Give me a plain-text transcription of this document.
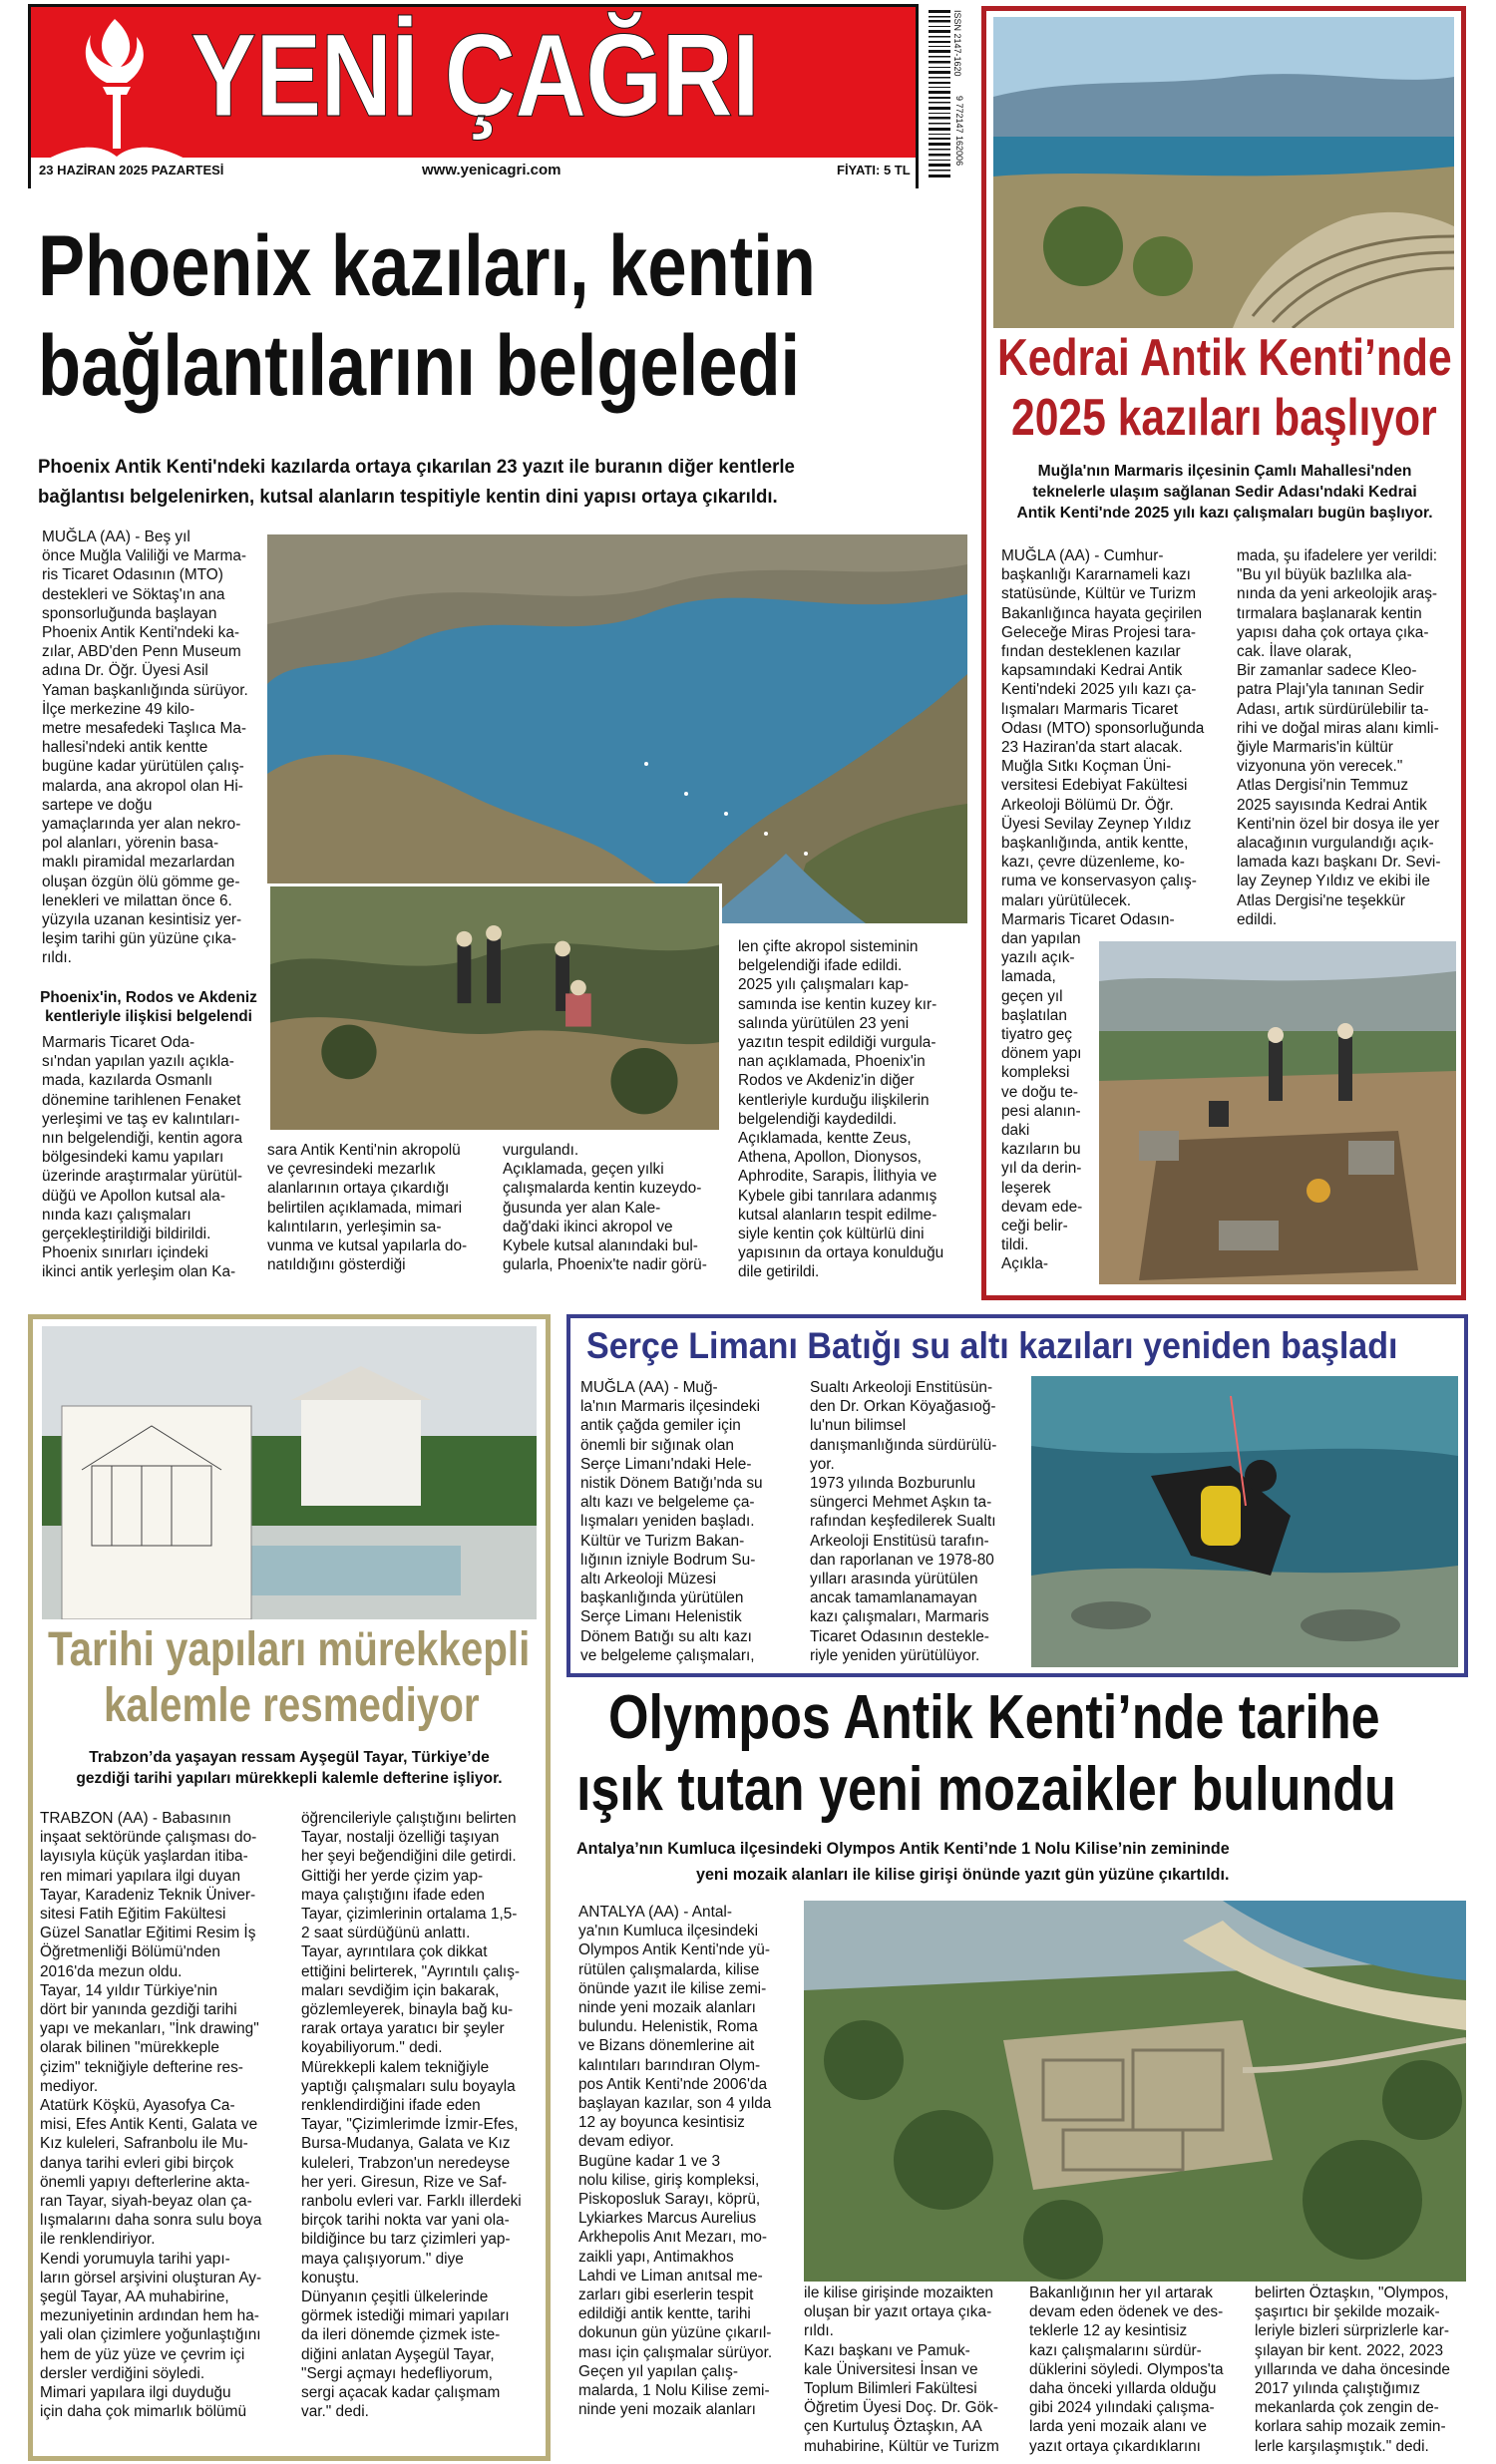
YENİ ÇAĞRI
23 HAZİRAN 2025 PAZARTESİ	www.yenicagri.com	FİYATI: 5 TL
ISSN 2147-1620
9 772147 162006
Phoenix kazıları, kentin
bağlantılarını belgeledi
Phoenix Antik Kenti'ndeki kazılarda ortaya çıkarılan 23 yazıt ile buranın diğer kentlerle
bağlantısı belgelenirken, kutsal alanların tespitiyle kentin dini yapısı ortaya çıkarıldı.
MUĞLA (AA) - Beş yıl
önce Muğla Valiliği ve Marma-
ris Ticaret Odasının (MTO)
destekleri ve Söktaş'ın ana
sponsorluğunda başlayan
Phoenix Antik Kenti'ndeki ka-
zılar, ABD'den Penn Museum
adına Dr. Öğr. Üyesi Asil
Yaman başkanlığında sürüyor.
İlçe merkezine 49 kilo-
metre mesafedeki Taşlıca Ma-
hallesi'ndeki antik kentte
bugüne kadar yürütülen çalış-
malarda, ana akropol olan Hi-
sartepe ve doğu
yamaçlarında yer alan nekro-
pol alanları, yörenin basa-
maklı piramidal mezarlardan
oluşan özgün ölü gömme ge-
lenekleri ve milattan önce 6.
yüzyıla uzanan kesintisiz yer-
leşim tarihi gün yüzüne çıka-
rıldı.
Phoenix'in, Rodos ve Akdeniz
kentleriyle ilişkisi belgelendi
Marmaris Ticaret Oda-
sı'ndan yapılan yazılı açıkla-
mada, kazılarda Osmanlı
dönemine tarihlenen Fenaket
yerleşimi ve taş ev kalıntıları-
nın belgelendiği, kentin agora
bölgesindeki kamu yapıları
üzerinde araştırmalar yürütül-
düğü ve Apollon kutsal ala-
nında kazı çalışmaları
gerçekleştirildiği bildirildi.
Phoenix sınırları içindeki
ikinci antik yerleşim olan Ka-
sara Antik Kenti'nin akropolü
ve çevresindeki mezarlık
alanlarının ortaya çıkardığı
belirtilen açıklamada, mimari
kalıntıların, yerleşimin sa-
vunma ve kutsal yapılarla do-
natıldığını gösterdiği
vurgulandı.
Açıklamada, geçen yılki
çalışmalarda kentin kuzeydo-
ğusunda yer alan Kale-
dağ'daki ikinci akropol ve
Kybele kutsal alanındaki bul-
gularla, Phoenix'te nadir görü-
len çifte akropol sisteminin
belgelendiği ifade edildi.
2025 yılı çalışmaları kap-
samında ise kentin kuzey kır-
salında yürütülen 23 yeni
yazıtın tespit edildiği vurgula-
nan açıklamada, Phoenix'in
Rodos ve Akdeniz'in diğer
kentleriyle kurduğu ilişkilerin
belgelendiği kaydedildi.
Açıklamada, kentte Zeus,
Athena, Apollon, Dionysos,
Aphrodite, Sarapis, İlithyia ve
Kybele gibi tanrılara adanmış
kutsal alanların tespit edilme-
siyle kentin çok kültürlü dini
yapısının da ortaya konulduğu
dile getirildi.
Kedrai Antik Kenti’nde
2025 kazıları başlıyor
Muğla'nın Marmaris ilçesinin Çamlı Mahallesi'nden
teknelerle ulaşım sağlanan Sedir Adası'ndaki Kedrai
Antik Kenti'nde 2025 yılı kazı çalışmaları bugün başlıyor.
MUĞLA (AA) - Cumhur-
başkanlığı Kararnameli kazı
statüsünde, Kültür ve Turizm
Bakanlığınca hayata geçirilen
Geleceğe Miras Projesi tara-
fından desteklenen kazılar
kapsamındaki Kedrai Antik
Kenti'ndeki 2025 yılı kazı ça-
lışmaları Marmaris Ticaret
Odası (MTO) sponsorluğunda
23 Haziran'da start alacak.
Muğla Sıtkı Koçman Üni-
versitesi Edebiyat Fakültesi
Arkeoloji Bölümü Dr. Öğr.
Üyesi Sevilay Zeynep Yıldız
başkanlığında, antik kentte,
kazı, çevre düzenleme, ko-
ruma ve konservasyon çalış-
maları yürütülecek.
Marmaris Ticaret Odasın-
dan yapılan
yazılı açık-
lamada,
geçen yıl
başlatılan
tiyatro geç
dönem yapı
kompleksi
ve doğu te-
pesi alanın-
daki
kazıların bu
yıl da derin-
leşerek
devam ede-
ceği belir-
tildi.
Açıkla-
mada, şu ifadelere yer verildi:
"Bu yıl büyük bazlılka ala-
nında da yeni arkeolojik araş-
tırmalara başlanarak kentin
yapısı daha çok ortaya çıka-
cak. İlave olarak,
Bir zamanlar sadece Kleo-
patra Plajı'yla tanınan Sedir
Adası, artık sürdürülebilir ta-
rihi ve doğal miras alanı kimli-
ğiyle Marmaris'in kültür
vizyonuna yön verecek."
Atlas Dergisi'nin Temmuz
2025 sayısında Kedrai Antik
Kenti'nin özel bir dosya ile yer
alacağının vurgulandığı açık-
lamada kazı başkanı Dr. Sevi-
lay Zeynep Yıldız ve ekibi ile
Atlas Dergisi'ne teşekkür
edildi.
Tarihi yapıları mürekkepli
kalemle resmediyor
Trabzon’da yaşayan ressam Ayşegül Tayar, Türkiye’de
gezdiği tarihi yapıları mürekkepli kalemle defterine işliyor.
TRABZON (AA) - Babasının
inşaat sektöründe çalışması do-
layısıyla küçük yaşlardan itiba-
ren mimari yapılara ilgi duyan
Tayar, Karadeniz Teknik Üniver-
sitesi Fatih Eğitim Fakültesi
Güzel Sanatlar Eğitimi Resim İş
Öğretmenliği Bölümü'nden
2016'da mezun oldu.
Tayar, 14 yıldır Türkiye'nin
dört bir yanında gezdiği tarihi
yapı ve mekanları, "İnk drawing"
olarak bilinen "mürekkeple
çizim" tekniğiyle defterine res-
mediyor.
Atatürk Köşkü, Ayasofya Ca-
misi, Efes Antik Kenti, Galata ve
Kız kuleleri, Safranbolu ile Mu-
danya tarihi evleri gibi birçok
önemli yapıyı defterlerine akta-
ran Tayar, siyah-beyaz olan ça-
lışmalarını daha sonra sulu boya
ile renklendiriyor.
Kendi yorumuyla tarihi yapı-
ların görsel arşivini oluşturan Ay-
şegül Tayar, AA muhabirine,
mezuniyetinin ardından hem ha-
yali olan çizimlere yoğunlaştığını
hem de yüz yüze ve çevrim içi
dersler verdiğini söyledi.
Mimari yapılara ilgi duyduğu
için daha çok mimarlık bölümü
öğrencileriyle çalıştığını belirten
Tayar, nostalji özelliği taşıyan
her şeyi beğendiğini dile getirdi.
Gittiği her yerde çizim yap-
maya çalıştığını ifade eden
Tayar, çizimlerinin ortalama 1,5-
2 saat sürdüğünü anlattı.
Tayar, ayrıntılara çok dikkat
ettiğini belirterek, "Ayrıntılı çalış-
maları sevdiğim için bakarak,
gözlemleyerek, binayla bağ ku-
rarak ortaya yaratıcı bir şeyler
koyabiliyorum." dedi.
Mürekkepli kalem tekniğiyle
yaptığı çalışmaları sulu boyayla
renklendirdiğini ifade eden
Tayar, "Çizimlerimde İzmir-Efes,
Bursa-Mudanya, Galata ve Kız
kuleleri, Trabzon'un neredeyse
her yeri. Giresun, Rize ve Saf-
ranbolu evleri var. Farklı illerdeki
birçok tarihi nokta var yani ola-
bildiğince bu tarz çizimleri yap-
maya çalışıyorum." diye
konuştu.
Dünyanın çeşitli ülkelerinde
görmek istediği mimari yapıları
da ileri dönemde çizmek iste-
diğini anlatan Ayşegül Tayar,
"Sergi açmayı hedefliyorum,
sergi açacak kadar çalışmam
var." dedi.
Serçe Limanı Batığı su altı kazıları yeniden başladı
MUĞLA (AA) - Muğ-
la'nın Marmaris ilçesindeki
antik çağda gemiler için
önemli bir sığınak olan
Serçe Limanı'ndaki Hele-
nistik Dönem Batığı'nda su
altı kazı ve belgeleme ça-
lışmaları yeniden başladı.
Kültür ve Turizm Bakan-
lığının izniyle Bodrum Su-
altı Arkeoloji Müzesi
başkanlığında yürütülen
Serçe Limanı Helenistik
Dönem Batığı su altı kazı
ve belgeleme çalışmaları,
Sualtı Arkeoloji Enstitüsün-
den Dr. Orkan Köyağasıoğ-
lu'nun bilimsel
danışmanlığında sürdürülü-
yor.
1973 yılında Bozburunlu
süngerci Mehmet Aşkın ta-
rafından keşfedilerek Sualtı
Arkeoloji Enstitüsü tarafın-
dan raporlanan ve 1978-80
yılları arasında yürütülen
ancak tamamlanamayan
kazı çalışmaları, Marmaris
Ticaret Odasının destekle-
riyle yeniden yürütülüyor.
Olympos Antik Kenti’nde tarihe
ışık tutan yeni mozaikler bulundu
Antalya’nın Kumluca ilçesindeki Olympos Antik Kenti’nde 1 Nolu Kilise’nin zemininde
yeni mozaik alanları ile kilise girişi önünde yazıt gün yüzüne çıkartıldı.
ANTALYA (AA) - Antal-
ya'nın Kumluca ilçesindeki
Olympos Antik Kenti'nde yü-
rütülen çalışmalarda, kilise
önünde yazıt ile kilise zemi-
ninde yeni mozaik alanları
bulundu. Helenistik, Roma
ve Bizans dönemlerine ait
kalıntıları barındıran Olym-
pos Antik Kenti'nde 2006'da
başlayan kazılar, son 4 yılda
12 ay boyunca kesintisiz
devam ediyor.
Bugüne kadar 1 ve 3
nolu kilise, giriş kompleksi,
Piskoposluk Sarayı, köprü,
Lykiarkes Marcus Aurelius
Arkhepolis Anıt Mezarı, mo-
zaikli yapı, Antimakhos
Lahdi ve Liman anıtsal me-
zarları gibi eserlerin tespit
edildiği antik kentte, tarihi
dokunun gün yüzüne çıkarıl-
ması için çalışmalar sürüyor.
Geçen yıl yapılan çalış-
malarda, 1 Nolu Kilise zemi-
ninde yeni mozaik alanları
ile kilise girişinde mozaikten
oluşan bir yazıt ortaya çıka-
rıldı.
Kazı başkanı ve Pamuk-
kale Üniversitesi İnsan ve
Toplum Bilimleri Fakültesi
Öğretim Üyesi Doç. Dr. Gök-
çen Kurtuluş Öztaşkın, AA
muhabirine, Kültür ve Turizm
Bakanlığının her yıl artarak
devam eden ödenek ve des-
teklerle 12 ay kesintisiz
kazı çalışmalarını sürdür-
düklerini söyledi. Olympos'ta
daha önceki yıllarda olduğu
gibi 2024 yılındaki çalışma-
larda yeni mozaik alanı ve
yazıt ortaya çıkardıklarını
belirten Öztaşkın, "Olympos,
şaşırtıcı bir şekilde mozaik-
leriyle bizleri sürprizlerle kar-
şılayan bir kent. 2022, 2023
yıllarında ve daha öncesinde
2017 yılında çalıştığımız
mekanlarda çok zengin de-
korlara sahip mozaik zemin-
lerle karşılaşmıştık." dedi.
